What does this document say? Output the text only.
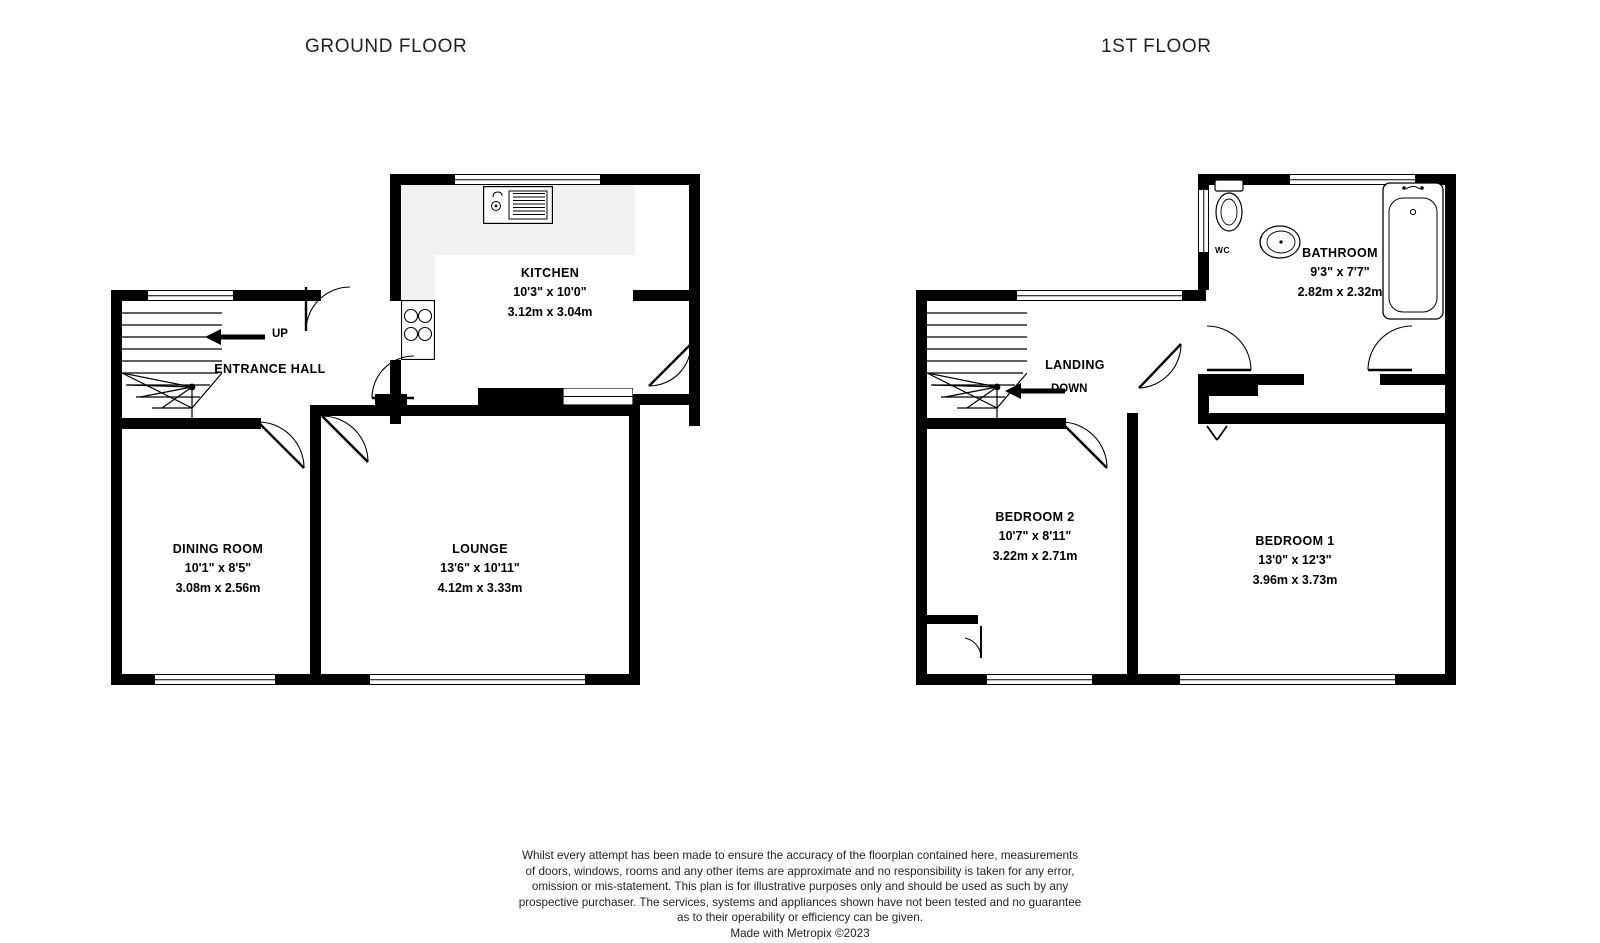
GROUND FLOOR	1ST FLOOR
UP
KITCHEN
10'3" x 10'0"
3.12m x 3.04m
ENTRANCE HALL
DINING ROOM
10'1" x 8'5"
3.08m x 2.56m
LOUNGE
13'6" x 10'11"
4.12m x 3.33m
DOWN
WC	BATHROOM
9'3" x 7'7"
2.82m x 2.32m
LANDING
BEDROOM 2
10'7" x 8'11"
3.22m x 2.71m
BEDROOM 1
13'0" x 12'3"
3.96m x 3.73m
Whilst every attempt has been made to ensure the accuracy of the floorplan contained here, measurements
of doors, windows, rooms and any other items are approximate and no responsibility is taken for any error,
omission or mis-statement. This plan is for illustrative purposes only and should be used as such by any
prospective purchaser. The services, systems and appliances shown have not been tested and no guarantee
as to their operability or efficiency can be given.
Made with Metropix ©2023
